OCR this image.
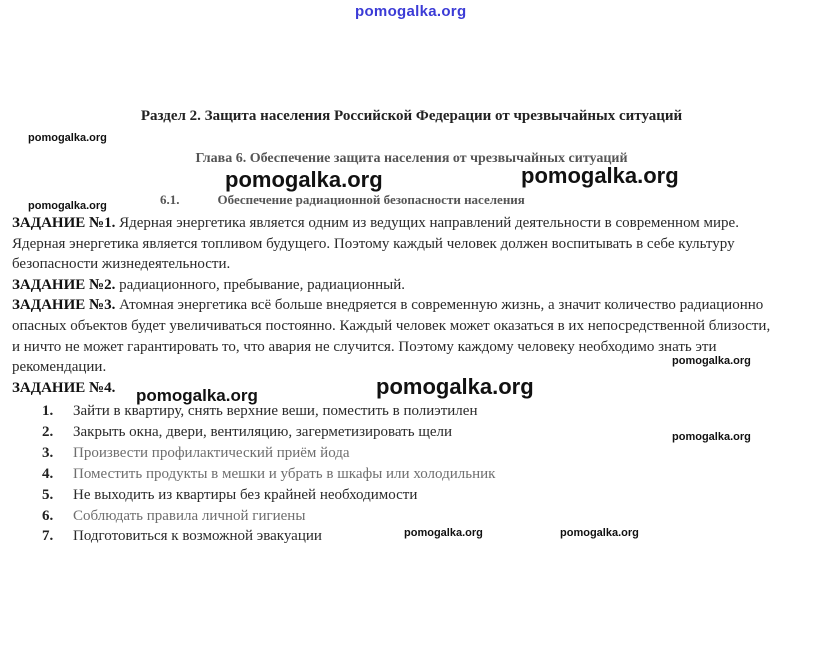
pomogalka.org
Раздел 2. Защита населения Российской Федерации от чрезвычайных ситуаций
Глава 6. Обеспечение защита населения от чрезвычайных ситуаций
6.1.	Обеспечение радиационной безопасности населения

ЗАДАНИЕ №1. Ядерная энергетика является одним из ведущих направлений деятельности в современном мире. Ядерная энергетика является топливом будущего. Поэтому каждый человек должен воспитывать в себе культуру безопасности жизнедеятельности.

ЗАДАНИЕ №2. радиационного, пребывание, радиационный.

ЗАДАНИЕ №3. Атомная энергетика всё больше внедряется в современную жизнь, а значит количество радиационно опасных объектов будет увеличиваться постоянно. Каждый человек может оказаться в их непосредственной близости, и ничто не может гарантировать то, что авария не случится. Поэтому каждому человеку необходимо знать эти рекомендации.

ЗАДАНИЕ №4.

1. Зайти в квартиру, снять верхние веши, поместить в полиэтилен
2. Закрыть окна, двери, вентиляцию, загерметизировать щели
3. Произвести профилактический приём йода
4. Поместить продукты в мешки и убрать в шкафы или холодильник
5. Не выходить из квартиры без крайней необходимости
6. Соблюдать правила личной гигиены
7. Подготовиться к возможной эвакуации
pomogalka.org
pomogalka.org
pomogalka.org	pomogalka.org
pomogalka.org
pomogalka.org
pomogalka.org
pomogalka.org
pomogalka.org	pomogalka.org
